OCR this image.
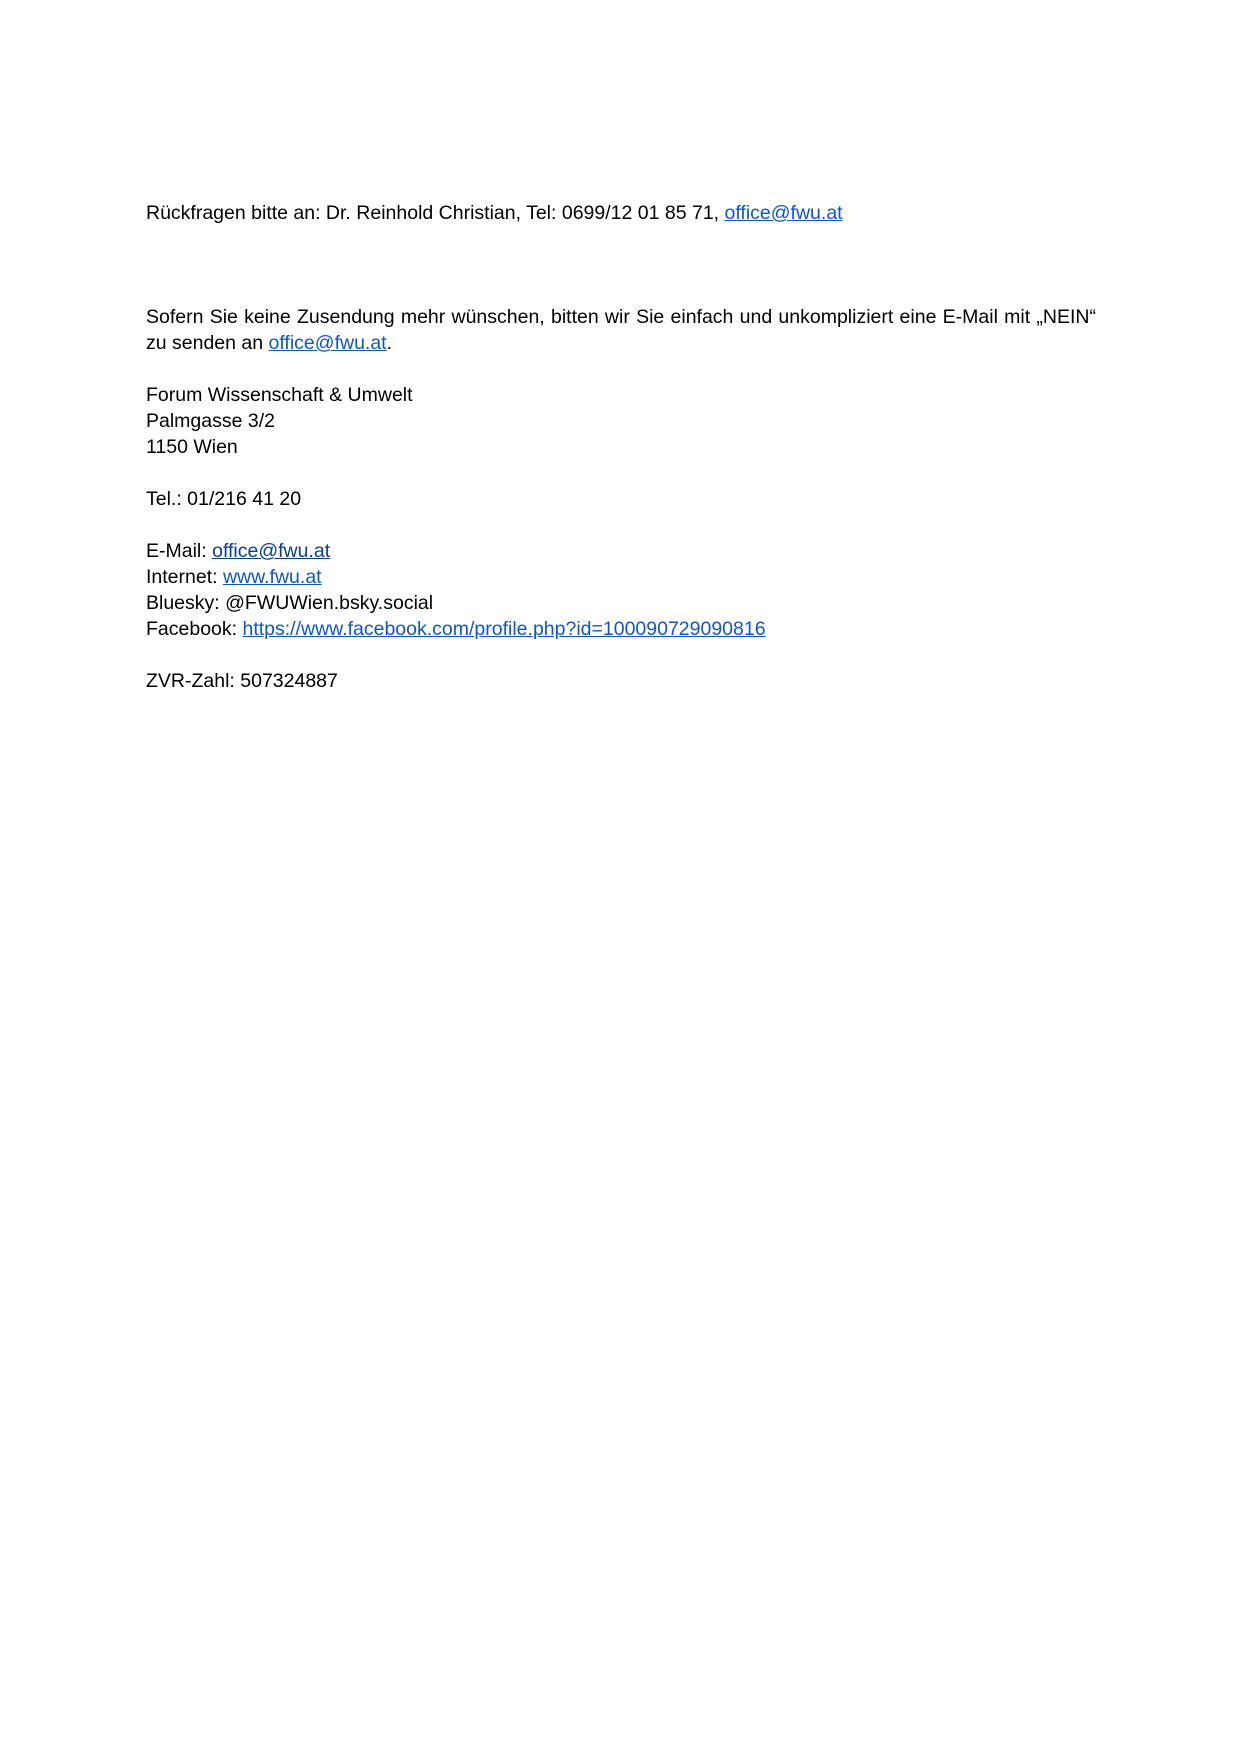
Rückfragen bitte an: Dr. Reinhold Christian, Tel: 0699/12 01 85 71, office@fwu.at

Sofern Sie keine Zusendung mehr wünschen, bitten wir Sie einfach und unkompliziert eine E-Mail mit „NEIN“ zu senden an office@fwu.at.

Forum Wissenschaft & Umwelt

Palmgasse 3/2

1150 Wien

Tel.: 01/216 41 20

E-Mail: office@fwu.at

Internet: www.fwu.at

Bluesky: @FWUWien.bsky.social

Facebook: https://www.facebook.com/profile.php?id=100090729090816

ZVR-Zahl: 507324887
